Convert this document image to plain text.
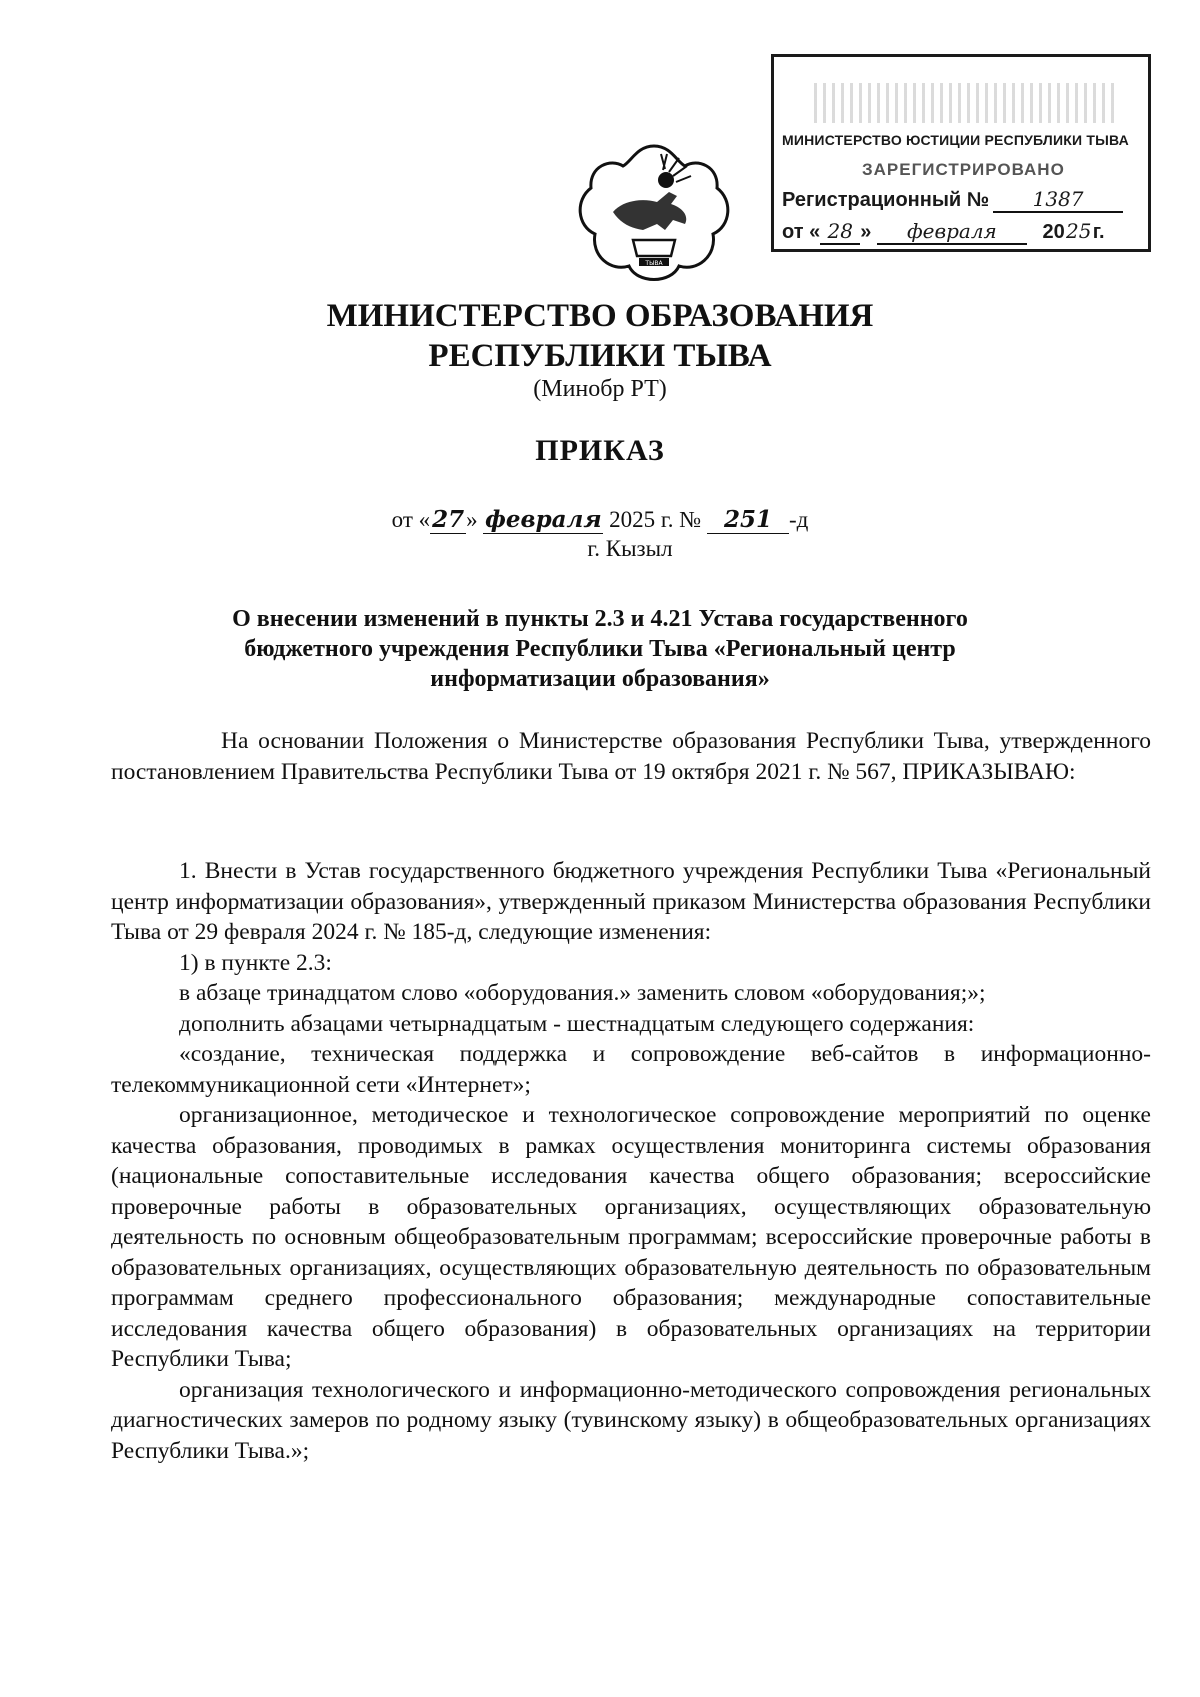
МИНИСТЕРСТВО ЮСТИЦИИ РЕСПУБЛИКИ ТЫВА
ЗАРЕГИСТРИРОВАНО
Регистрационный № 1387
от « 28 » февраля 2025г.
ТЫВА
МИНИСТЕРСТВО ОБРАЗОВАНИЯ
РЕСПУБЛИКИ ТЫВА
(Минобр РТ)
ПРИКАЗ
от «27» февраля 2025 г. № 251 -д
г. Кызыл
О внесении изменений в пункты 2.3 и 4.21 Устава государственного
бюджетного учреждения Республики Тыва «Региональный центр
информатизации образования»

На основании Положения о Министерстве образования Республики Тыва, утвержденного постановлением Правительства Республики Тыва от 19 октября 2021 г. № 567, ПРИКАЗЫВАЮ:

1. Внести в Устав государственного бюджетного учреждения Республики Тыва «Региональный центр информатизации образования», утвержденный приказом Министерства образования Республики Тыва от 29 февраля 2024 г. № 185-д, следующие изменения:

1) в пункте 2.3:

в абзаце тринадцатом слово «оборудования.» заменить словом «оборудования;»;

дополнить абзацами четырнадцатым - шестнадцатым следующего содержания:

«создание, техническая поддержка и сопровождение веб-сайтов в информационно-телекоммуникационной сети «Интернет»;

организационное, методическое и технологическое сопровождение мероприятий по оценке качества образования, проводимых в рамках осуществления мониторинга системы образования (национальные сопоставительные исследования качества общего образования; всероссийские проверочные работы в образовательных организациях, осуществляющих образовательную деятельность по основным общеобразовательным программам; всероссийские проверочные работы в образовательных организациях, осуществляющих образовательную деятельность по образовательным программам среднего профессионального образования; международные сопоставительные исследования качества общего образования) в образовательных организациях на территории Республики Тыва;

организация технологического и информационно-методического сопровождения региональных диагностических замеров по родному языку (тувинскому языку) в общеобразовательных организациях Республики Тыва.»;
